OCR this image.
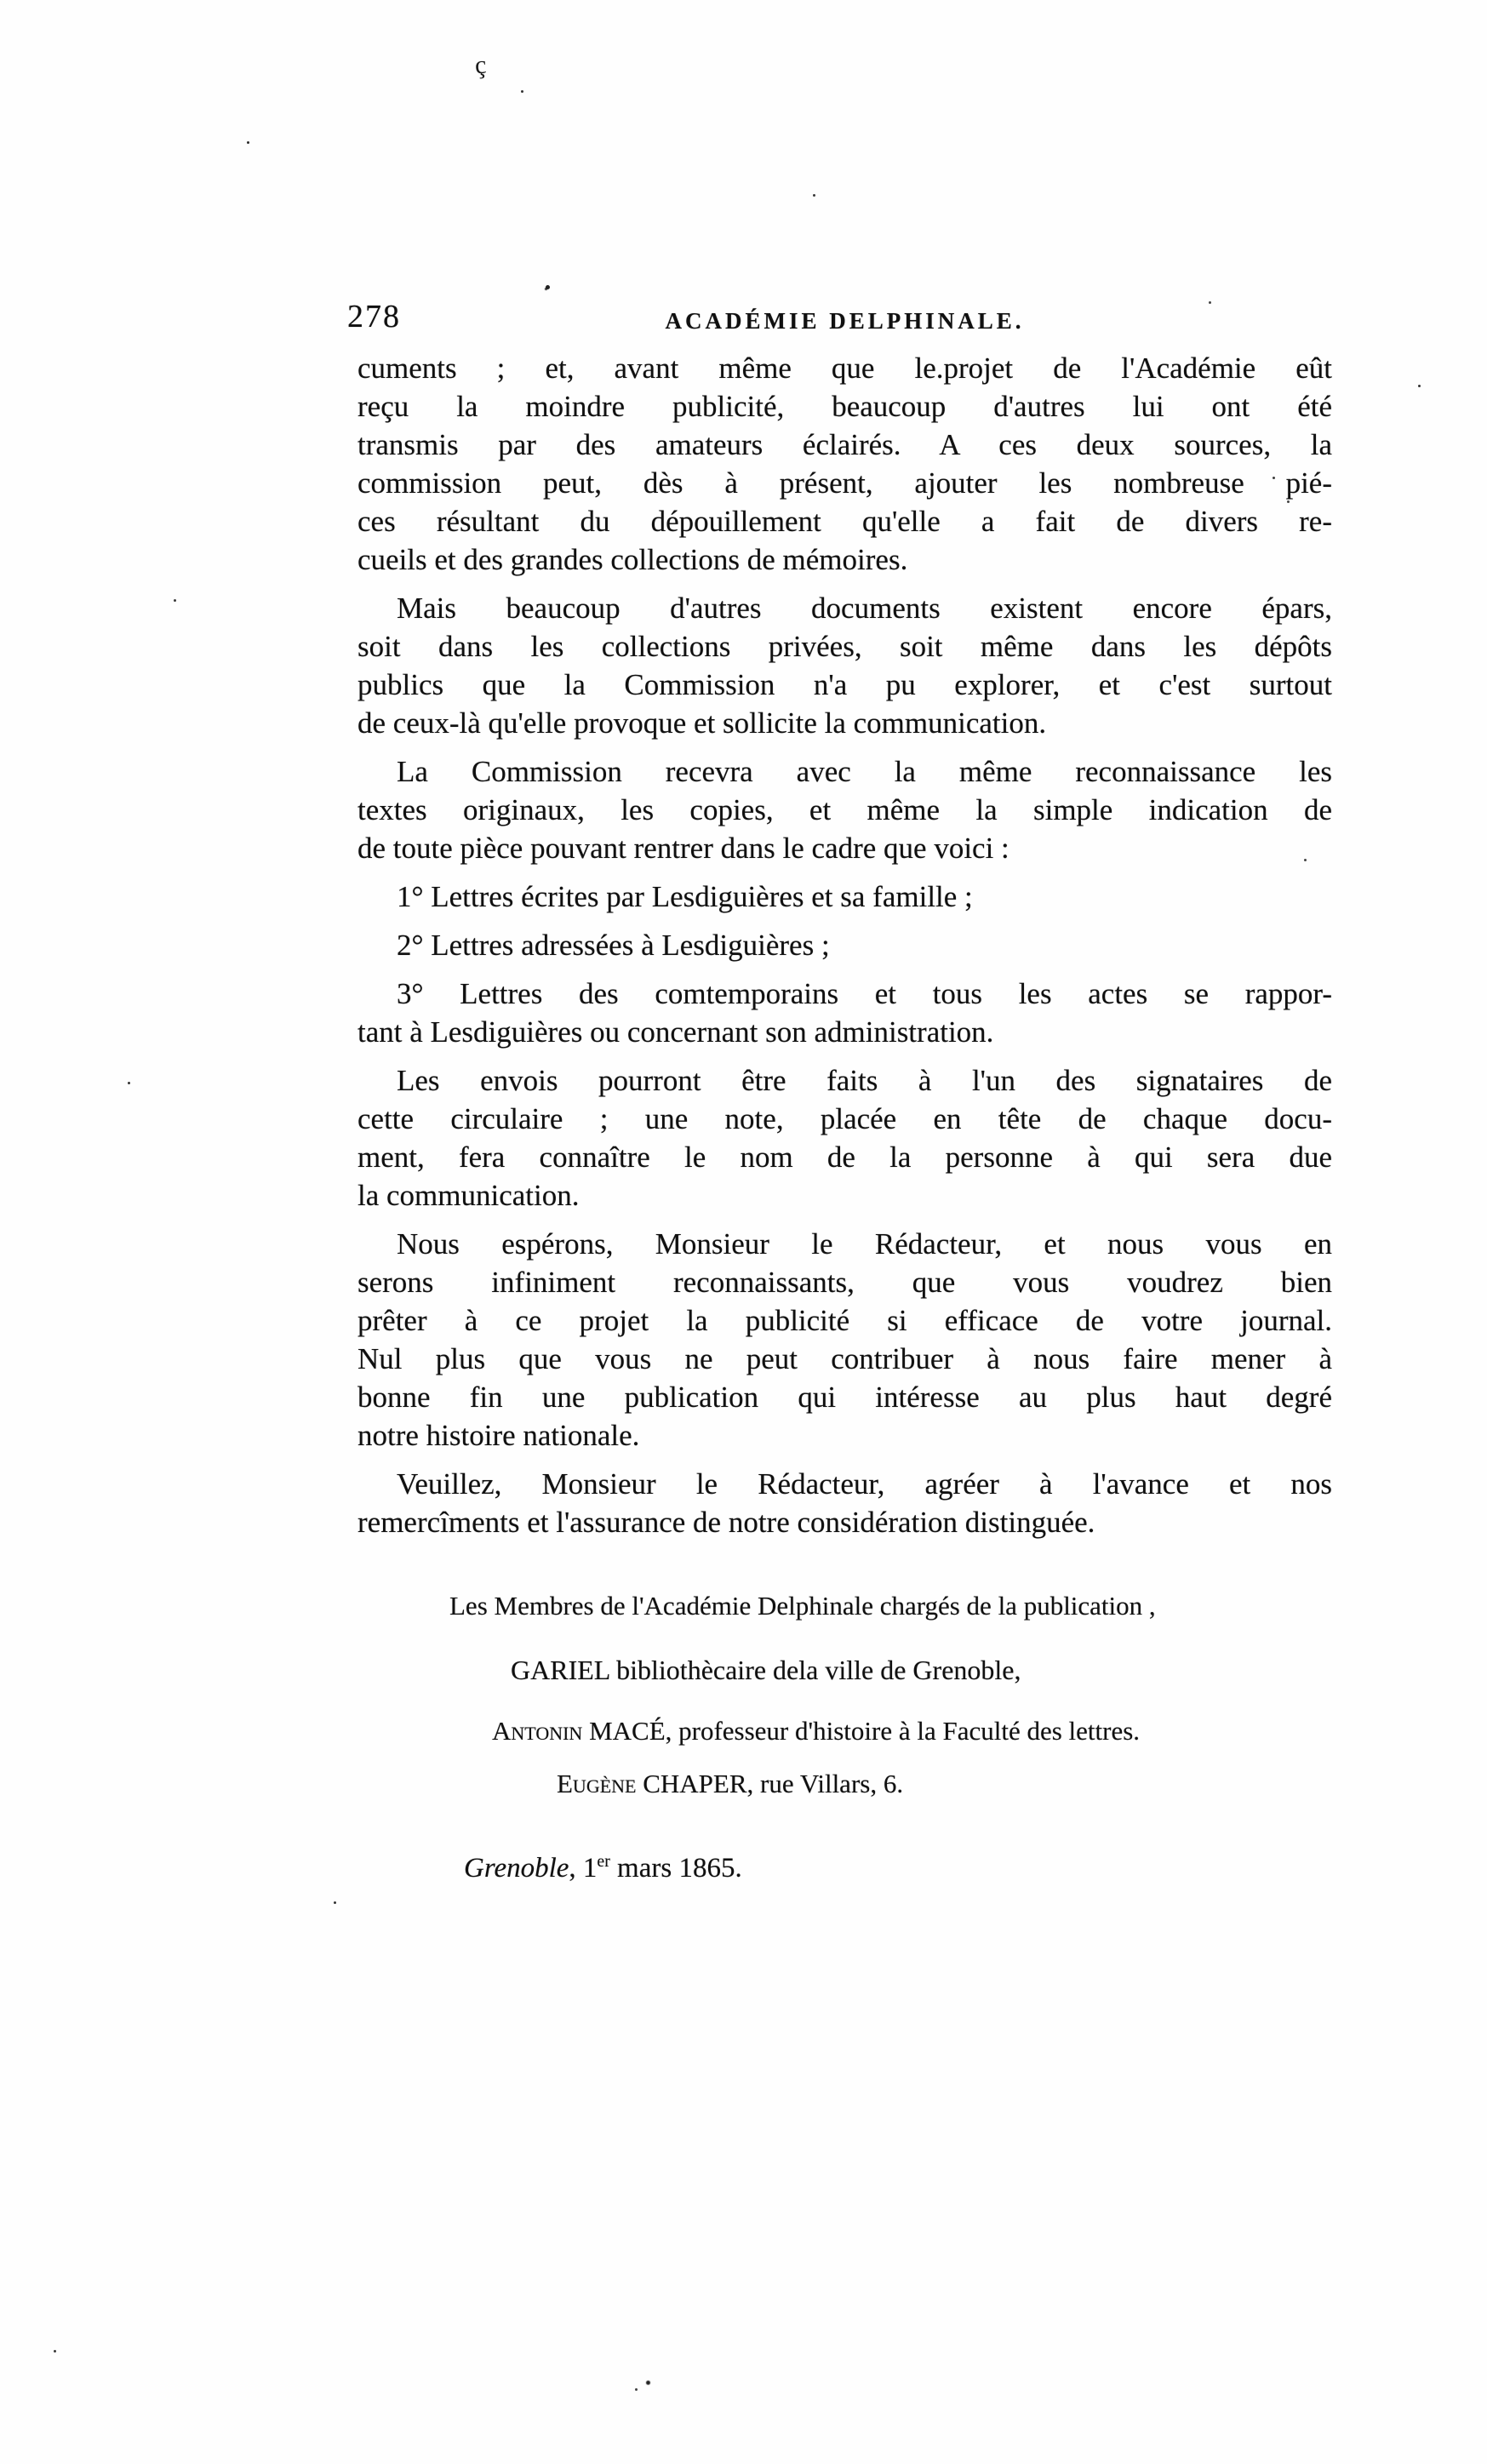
ç
278	ACADÉMIE DELPHINALE.
cuments ; et, avant même que le.projet de l'Académie eût
reçu la moindre publicité, beaucoup d'autres lui ont été
transmis par des amateurs éclairés. A ces deux sources, la
commission peut, dès à présent, ajouter les nombreuse pié-
ces résultant du dépouillement qu'elle a fait de divers re-
cueils et des grandes collections de mémoires.
Mais beaucoup d'autres documents existent encore épars,
soit dans les collections privées, soit même dans les dépôts
publics que la Commission n'a pu explorer, et c'est surtout
de ceux-là qu'elle provoque et sollicite la communication.
La Commission recevra avec la même reconnaissance les
textes originaux, les copies, et même la simple indication de
de toute pièce pouvant rentrer dans le cadre que voici :
1° Lettres écrites par Lesdiguières et sa famille ;
2° Lettres adressées à Lesdiguières ;
3° Lettres des comtemporains et tous les actes se rappor-
tant à Lesdiguières ou concernant son administration.
Les envois pourront être faits à l'un des signataires de
cette circulaire ; une note, placée en tête de chaque docu-
ment, fera connaître le nom de la personne à qui sera due
la communication.
Nous espérons, Monsieur le Rédacteur, et nous vous en
serons infiniment reconnaissants, que vous voudrez bien
prêter à ce projet la publicité si efficace de votre journal.
Nul plus que vous ne peut contribuer à nous faire mener à
bonne fin une publication qui intéresse au plus haut degré
notre histoire nationale.
Veuillez, Monsieur le Rédacteur, agréer à l'avance et nos
remercîments et l'assurance de notre considération distinguée.
Les Membres de l'Académie Delphinale chargés de la publication ,
GARIEL bibliothècaire dela ville de Grenoble,
Antonin MACÉ, professeur d'histoire à la Faculté des lettres.
Eugène CHAPER, rue Villars, 6.
Grenoble, 1er mars 1865.
